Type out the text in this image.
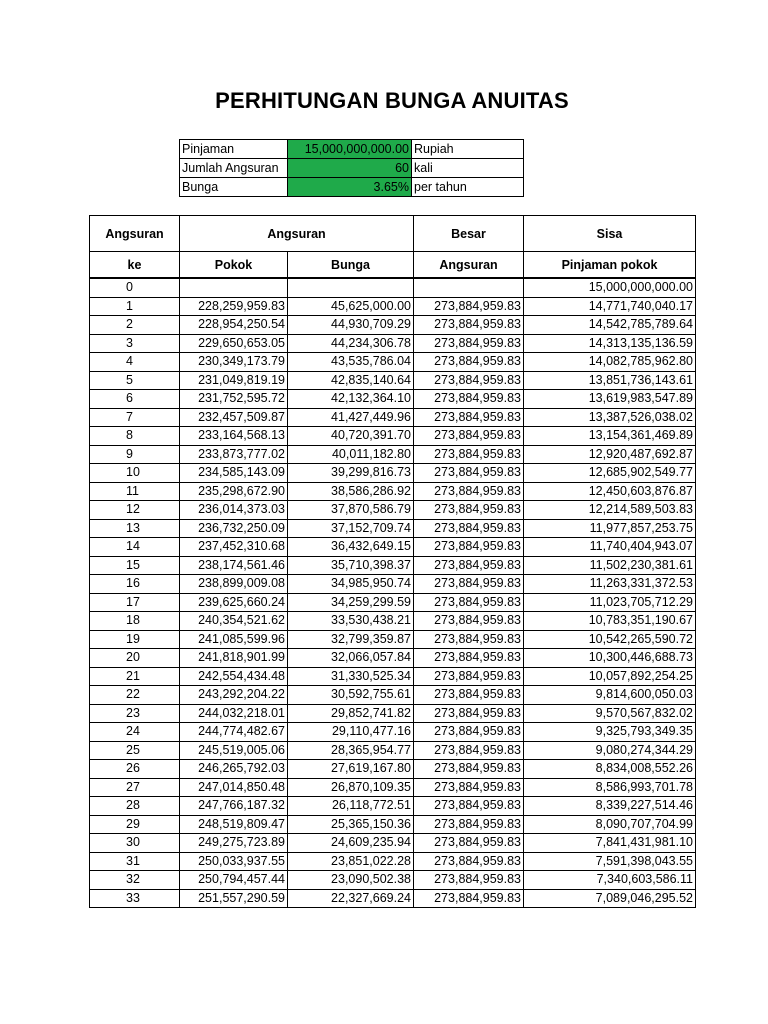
PERHITUNGAN BUNGA ANUITAS
Pinjaman	15,000,000,000.00	Rupiah
Jumlah Angsuran	60	kali
Bunga	3.65%	per tahun
Angsuran	Angsuran		Besar	Sisa
ke	Pokok	Bunga	Angsuran	Pinjaman pokok
0				15,000,000,000.00
1	228,259,959.83	45,625,000.00	273,884,959.83	14,771,740,040.17
2	228,954,250.54	44,930,709.29	273,884,959.83	14,542,785,789.64
3	229,650,653.05	44,234,306.78	273,884,959.83	14,313,135,136.59
4	230,349,173.79	43,535,786.04	273,884,959.83	14,082,785,962.80
5	231,049,819.19	42,835,140.64	273,884,959.83	13,851,736,143.61
6	231,752,595.72	42,132,364.10	273,884,959.83	13,619,983,547.89
7	232,457,509.87	41,427,449.96	273,884,959.83	13,387,526,038.02
8	233,164,568.13	40,720,391.70	273,884,959.83	13,154,361,469.89
9	233,873,777.02	40,011,182.80	273,884,959.83	12,920,487,692.87
10	234,585,143.09	39,299,816.73	273,884,959.83	12,685,902,549.77
11	235,298,672.90	38,586,286.92	273,884,959.83	12,450,603,876.87
12	236,014,373.03	37,870,586.79	273,884,959.83	12,214,589,503.83
13	236,732,250.09	37,152,709.74	273,884,959.83	11,977,857,253.75
14	237,452,310.68	36,432,649.15	273,884,959.83	11,740,404,943.07
15	238,174,561.46	35,710,398.37	273,884,959.83	11,502,230,381.61
16	238,899,009.08	34,985,950.74	273,884,959.83	11,263,331,372.53
17	239,625,660.24	34,259,299.59	273,884,959.83	11,023,705,712.29
18	240,354,521.62	33,530,438.21	273,884,959.83	10,783,351,190.67
19	241,085,599.96	32,799,359.87	273,884,959.83	10,542,265,590.72
20	241,818,901.99	32,066,057.84	273,884,959.83	10,300,446,688.73
21	242,554,434.48	31,330,525.34	273,884,959.83	10,057,892,254.25
22	243,292,204.22	30,592,755.61	273,884,959.83	9,814,600,050.03
23	244,032,218.01	29,852,741.82	273,884,959.83	9,570,567,832.02
24	244,774,482.67	29,110,477.16	273,884,959.83	9,325,793,349.35
25	245,519,005.06	28,365,954.77	273,884,959.83	9,080,274,344.29
26	246,265,792.03	27,619,167.80	273,884,959.83	8,834,008,552.26
27	247,014,850.48	26,870,109.35	273,884,959.83	8,586,993,701.78
28	247,766,187.32	26,118,772.51	273,884,959.83	8,339,227,514.46
29	248,519,809.47	25,365,150.36	273,884,959.83	8,090,707,704.99
30	249,275,723.89	24,609,235.94	273,884,959.83	7,841,431,981.10
31	250,033,937.55	23,851,022.28	273,884,959.83	7,591,398,043.55
32	250,794,457.44	23,090,502.38	273,884,959.83	7,340,603,586.11
33	251,557,290.59	22,327,669.24	273,884,959.83	7,089,046,295.52
